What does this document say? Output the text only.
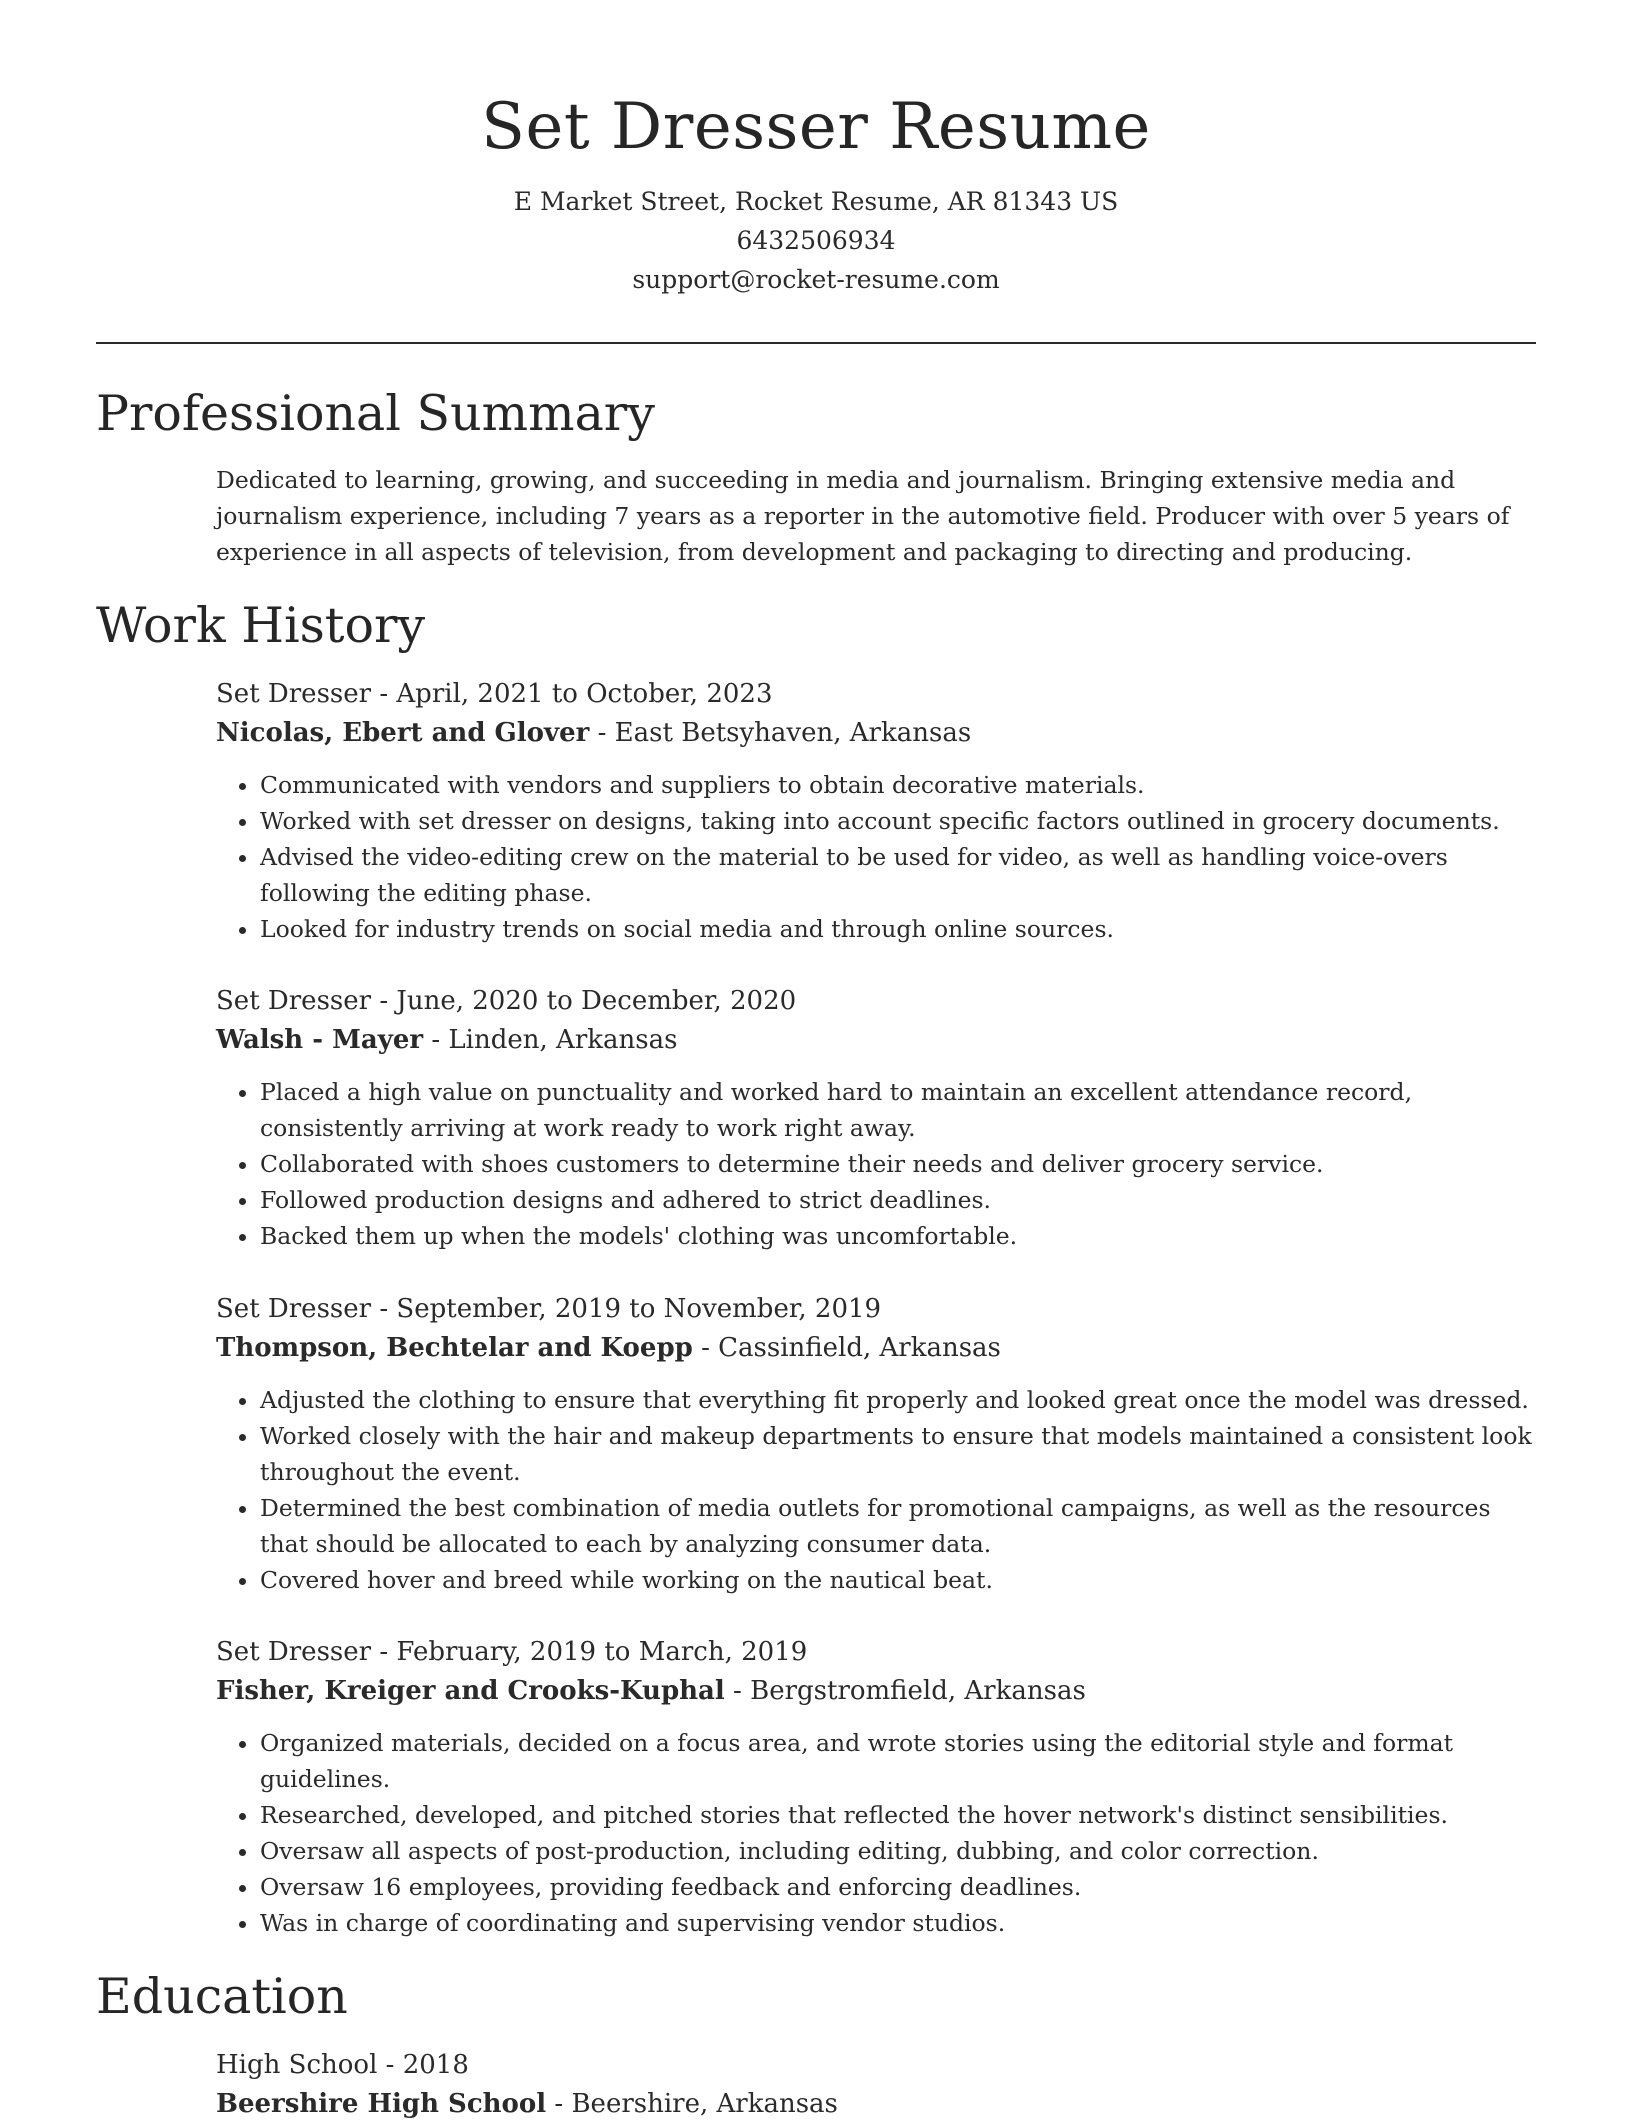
Set Dresser Resume
E Market Street, Rocket Resume, AR 81343 US
6432506934
support@rocket-resume.com
Professional Summary

Dedicated to learning, growing, and succeeding in media and journalism. Bringing extensive media and journalism experience, including 7 years as a reporter in the automotive field. Producer with over 5 years of experience in all aspects of television, from development and packaging to directing and producing.

Work History
Set Dresser - April, 2021 to October, 2023
Nicolas, Ebert and Glover - East Betsyhaven, Arkansas
• Communicated with vendors and suppliers to obtain decorative materials.
• Worked with set dresser on designs, taking into account specific factors outlined in grocery documents.
• Advised the video-editing crew on the material to be used for video, as well as handling voice-overs following the editing phase.
• Looked for industry trends on social media and through online sources.
Set Dresser - June, 2020 to December, 2020
Walsh - Mayer - Linden, Arkansas
• Placed a high value on punctuality and worked hard to maintain an excellent attendance record, consistently arriving at work ready to work right away.
• Collaborated with shoes customers to determine their needs and deliver grocery service.
• Followed production designs and adhered to strict deadlines.
• Backed them up when the models' clothing was uncomfortable.
Set Dresser - September, 2019 to November, 2019
Thompson, Bechtelar and Koepp - Cassinfield, Arkansas
• Adjusted the clothing to ensure that everything fit properly and looked great once the model was dressed.
• Worked closely with the hair and makeup departments to ensure that models maintained a consistent look throughout the event.
• Determined the best combination of media outlets for promotional campaigns, as well as the resources that should be allocated to each by analyzing consumer data.
• Covered hover and breed while working on the nautical beat.
Set Dresser - February, 2019 to March, 2019
Fisher, Kreiger and Crooks-Kuphal - Bergstromfield, Arkansas
• Organized materials, decided on a focus area, and wrote stories using the editorial style and format guidelines.
• Researched, developed, and pitched stories that reflected the hover network's distinct sensibilities.
• Oversaw all aspects of post-production, including editing, dubbing, and color correction.
• Oversaw 16 employees, providing feedback and enforcing deadlines.
• Was in charge of coordinating and supervising vendor studios.
Education
High School - 2018
Beershire High School - Beershire, Arkansas
